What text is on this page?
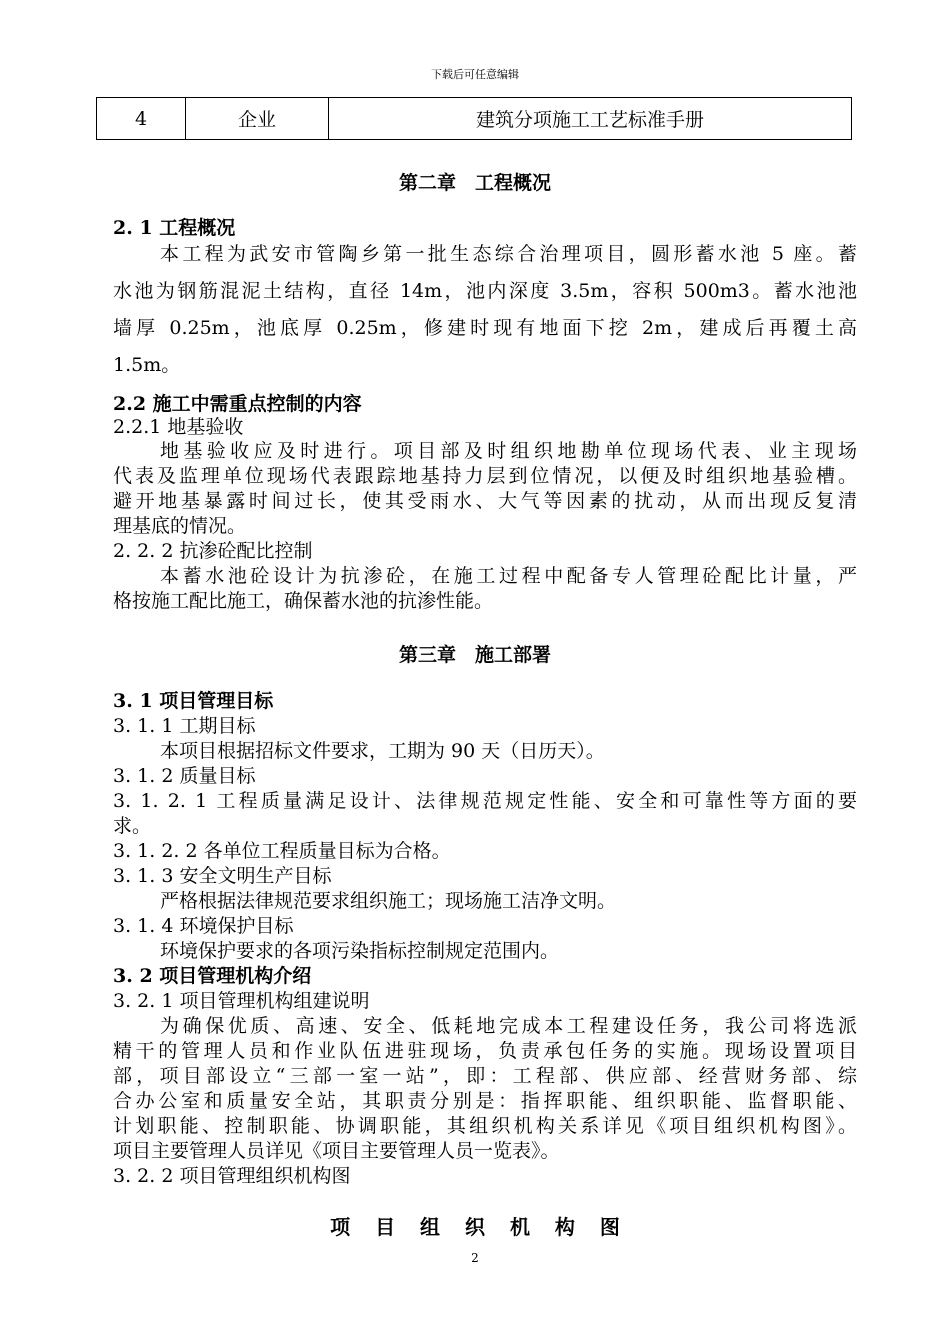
下载后可任意编辑
4	企业	建筑分项施工工艺标准手册
第二章　工程概况
2. 1 工程概况
本工程为武安市管陶乡第一批生态综合治理项目，圆形蓄水池 5 座。蓄
水池为钢筋混泥土结构，直径 14m，池内深度 3.5m，容积 500m3。蓄水池池
墙厚 0.25m，池底厚 0.25m，修建时现有地面下挖 2m，建成后再覆土高
1.5m。
2.2 施工中需重点控制的内容
2.2.1 地基验收
地基验收应及时进行。项目部及时组织地勘单位现场代表、业主现场
代表及监理单位现场代表跟踪地基持力层到位情况，以便及时组织地基验槽。
避开地基暴露时间过长，使其受雨水、大气等因素的扰动，从而出现反复清
理基底的情况。
2. 2. 2 抗渗砼配比控制
本蓄水池砼设计为抗渗砼，在施工过程中配备专人管理砼配比计量，严
格按施工配比施工，确保蓄水池的抗渗性能。
第三章　施工部署
3. 1 项目管理目标
3. 1. 1 工期目标
本项目根据招标文件要求，工期为 90 天（日历天）。
3. 1. 2 质量目标
3. 1. 2. 1 工程质量满足设计、法律规范规定性能、安全和可靠性等方面的要
求。
3. 1. 2. 2 各单位工程质量目标为合格。
3. 1. 3 安全文明生产目标
严格根据法律规范要求组织施工；现场施工洁净文明。
3. 1. 4 环境保护目标
环境保护要求的各项污染指标控制规定范围内。
3. 2 项目管理机构介绍
3. 2. 1 项目管理机构组建说明
为确保优质、高速、安全、低耗地完成本工程建设任务，我公司将选派
精干的管理人员和作业队伍进驻现场，负责承包任务的实施。现场设置项目
部，项目部设立“三部一室一站”，即：工程部、供应部、经营财务部、综
合办公室和质量安全站，其职责分别是：指挥职能、组织职能、监督职能、
计划职能、控制职能、协调职能，其组织机构关系详见《项目组织机构图》。
项目主要管理人员详见《项目主要管理人员一览表》。
3. 2. 2 项目管理组织机构图
项 目 组 织 机 构 图
2
